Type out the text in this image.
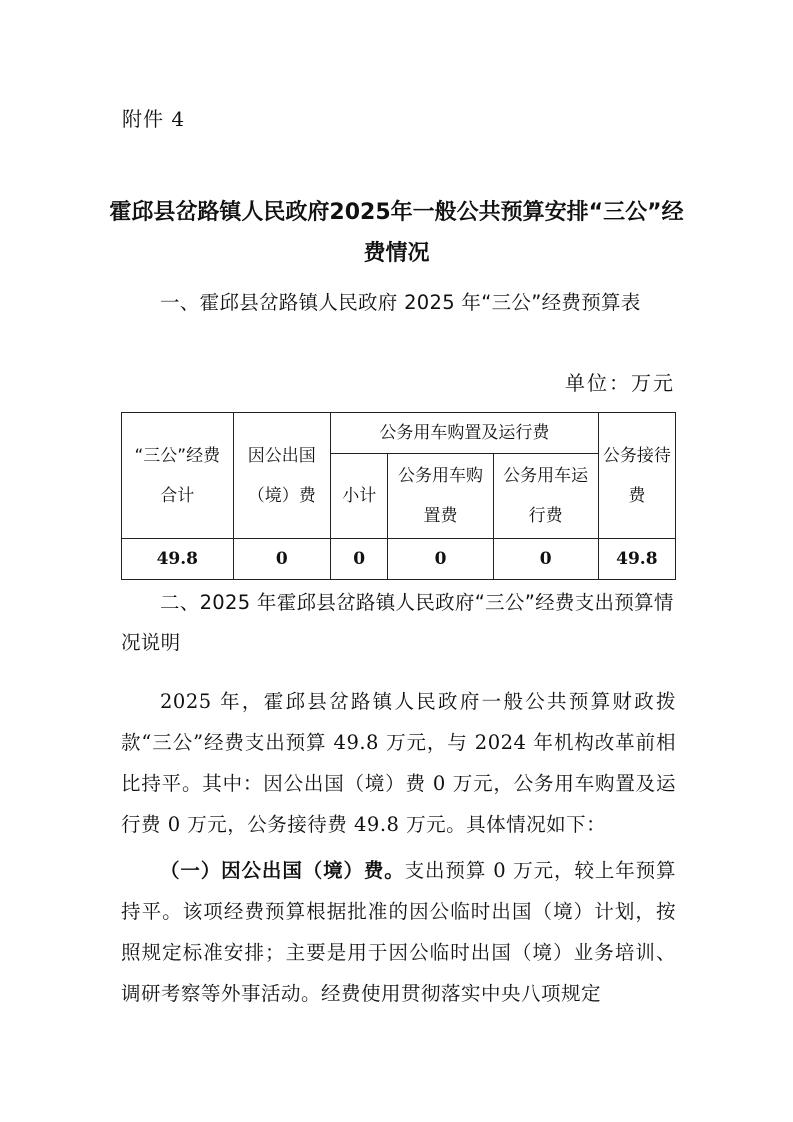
附件 4
霍邱县岔路镇人民政府2025年一般公共预算安排“三公”经费情况

一、霍邱县岔路镇人民政府 2025 年“三公”经费预算表

单位：万元
“三公”经费合计	因公出国（境）费	公务用车购置及运行费			公务接待费
		小计	公务用车购置费	公务用车运行费	
49.8	0	0	0	0	49.8

二、2025 年霍邱县岔路镇人民政府“三公”经费支出预算情况说明

2025 年，霍邱县岔路镇人民政府一般公共预算财政拨款“三公”经费支出预算 49.8 万元，与 2024 年机构改革前相比持平。其中：因公出国（境）费 0 万元，公务用车购置及运行费 0 万元，公务接待费 49.8 万元。具体情况如下：

（一）因公出国（境）费。支出预算 0 万元，较上年预算持平。该项经费预算根据批准的因公临时出国（境）计划，按照规定标准安排；主要是用于因公临时出国（境）业务培训、调研考察等外事活动。经费使用贯彻落实中央八项规定
